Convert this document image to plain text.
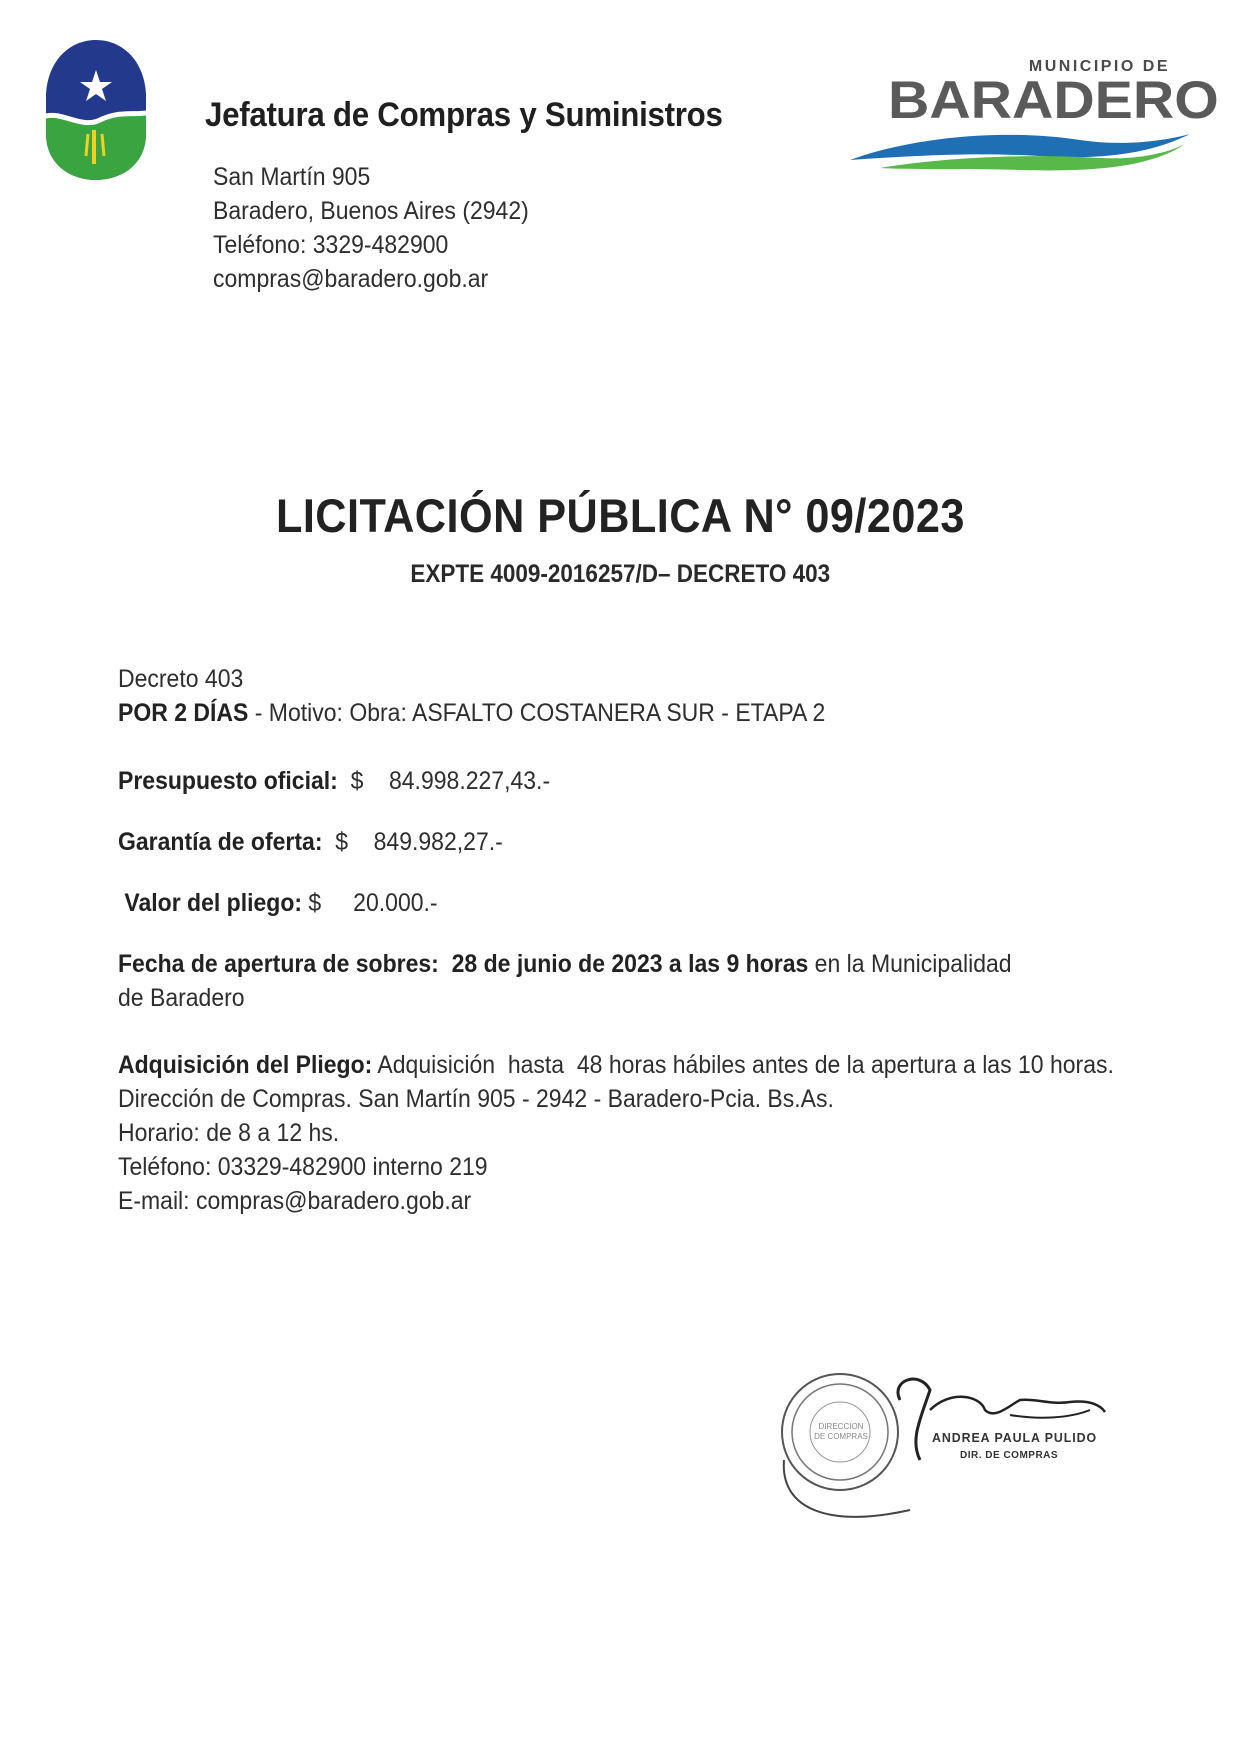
Jefatura de Compras y Suministros
San Martín 905
Baradero, Buenos Aires (2942)
Teléfono: 3329-482900
compras@baradero.gob.ar
MUNICIPIO DE
BARADERO
LICITACIÓN PÚBLICA N° 09/2023
EXPTE 4009-2016257/D– DECRETO 403
Decreto 403
POR 2 DÍAS - Motivo: Obra: ASFALTO COSTANERA SUR - ETAPA 2
Presupuesto oficial:  $    84.998.227,43.-
Garantía de oferta:  $    849.982,27.-
Valor del pliego: $     20.000.-
Fecha de apertura de sobres:  28 de junio de 2023 a las 9 horas en la Municipalidad
de Baradero
Adquisición del Pliego: Adquisición  hasta  48 horas hábiles antes de la apertura a las 10 horas.
Dirección de Compras. San Martín 905 - 2942 - Baradero-Pcia. Bs.As.
Horario: de 8 a 12 hs.
Teléfono: 03329-482900 interno 219
E-mail: compras@baradero.gob.ar
DIRECCION DE COMPRAS	ANDREA PAULA PULIDO
DIR. DE COMPRAS
